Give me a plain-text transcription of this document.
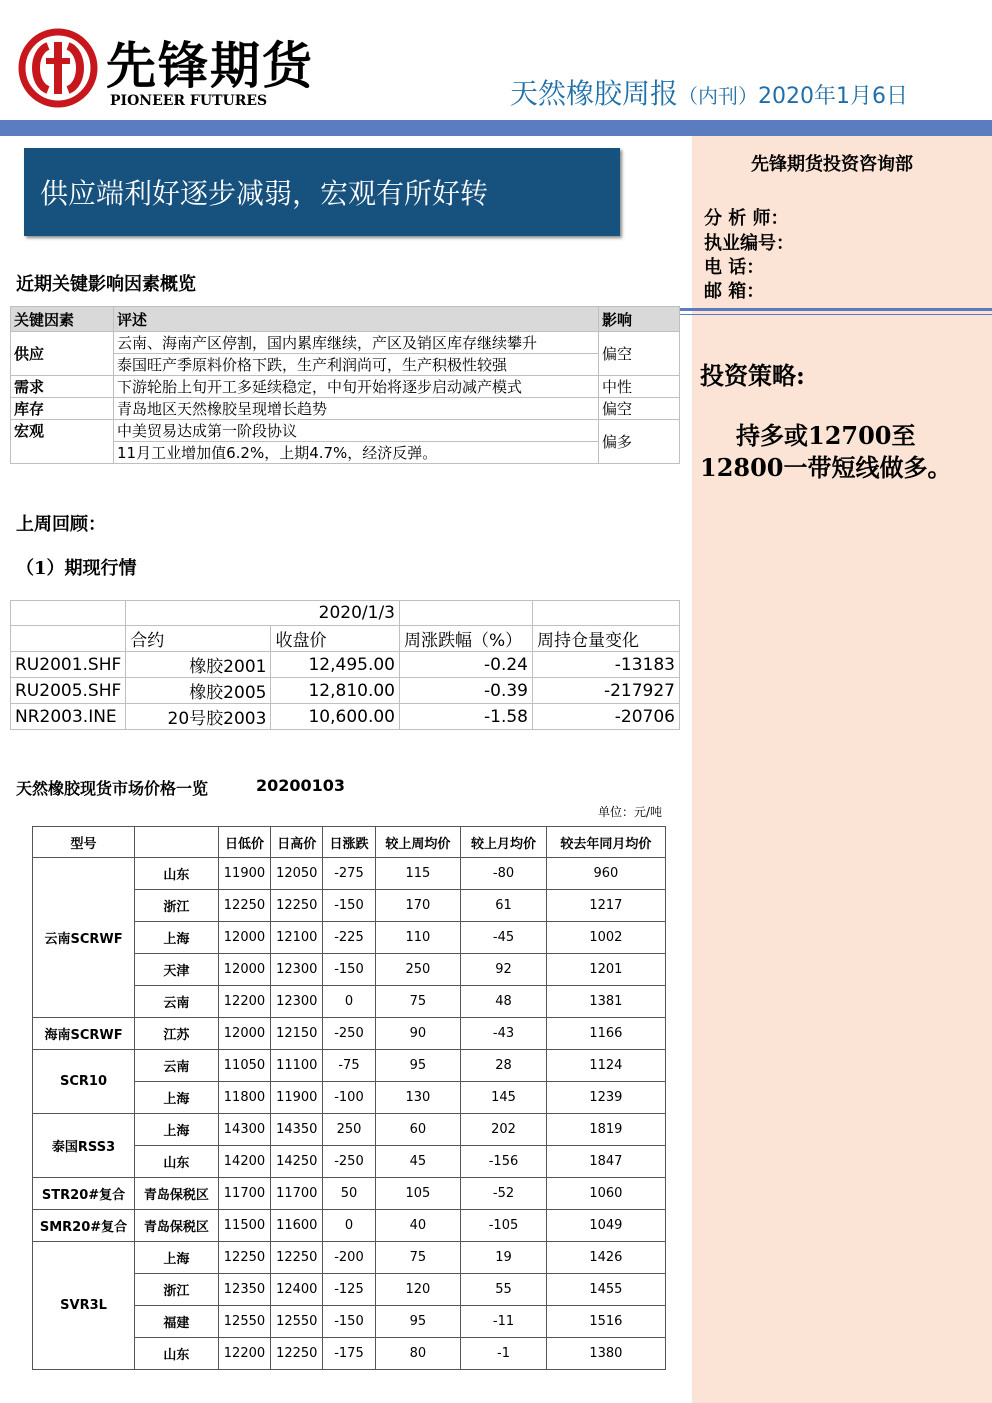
先锋期货
PIONEER FUTURES	天然橡胶周报（内刊）2020年1月6日
先锋期货投资咨询部
分 析 师：
执业编号：
电 话：
邮 箱：
投资策略:
持多或12700至12800一带短线做多。
供应端利好逐步减弱，宏观有所好转
近期关键影响因素概览
关键因素	评述	影响
供应	云南、海南产区停割，国内累库继续，产区及销区库存继续攀升	偏空
	泰国旺产季原料价格下跌，生产利润尚可，生产积极性较强	
需求	下游轮胎上旬开工多延续稳定，中旬开始将逐步启动减产模式	中性
库存	青岛地区天然橡胶呈现增长趋势	偏空
宏观	中美贸易达成第一阶段协议	偏多
	11月工业增加值6.2%，上期4.7%，经济反弹。	
上周回顾：
（1）期现行情
	2020/1/3			
	合约	收盘价	周涨跌幅（%）	周持仓量变化
RU2001.SHF	橡胶2001	12,495.00	-0.24	-13183
RU2005.SHF	橡胶2005	12,810.00	-0.39	-217927
NR2003.INE	20号胶2003	10,600.00	-1.58	-20706
天然橡胶现货市场价格一览	20200103
单位：元/吨
型号		日低价	日高价	日涨跌	较上周均价	较上月均价	较去年同月均价
云南SCRWF	山东	11900	12050	-275	115	-80	960
	浙江	12250	12250	-150	170	61	1217
	上海	12000	12100	-225	110	-45	1002
	天津	12000	12300	-150	250	92	1201
	云南	12200	12300	0	75	48	1381
海南SCRWF	江苏	12000	12150	-250	90	-43	1166
SCR10	云南	11050	11100	-75	95	28	1124
	上海	11800	11900	-100	130	145	1239
泰国RSS3	上海	14300	14350	250	60	202	1819
	山东	14200	14250	-250	45	-156	1847
STR20#复合	青岛保税区	11700	11700	50	105	-52	1060
SMR20#复合	青岛保税区	11500	11600	0	40	-105	1049
SVR3L	上海	12250	12250	-200	75	19	1426
	浙江	12350	12400	-125	120	55	1455
	福建	12550	12550	-150	95	-11	1516
	山东	12200	12250	-175	80	-1	1380
